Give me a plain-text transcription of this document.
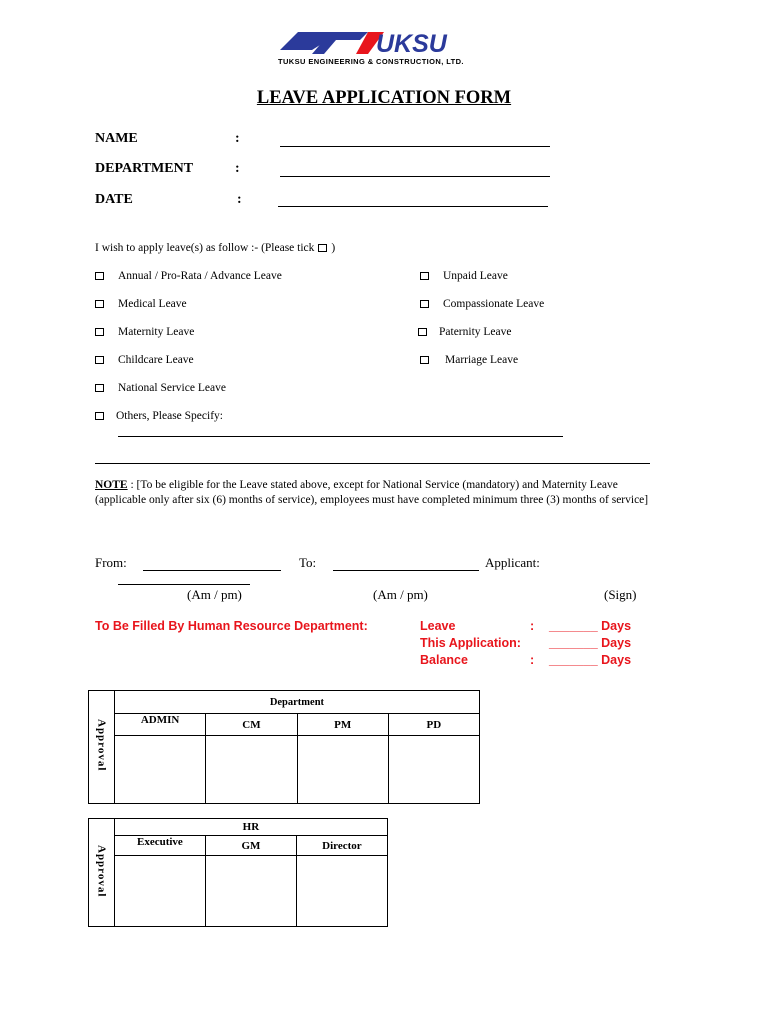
UKSU
TUKSU ENGINEERING & CONSTRUCTION, LTD.
LEAVE APPLICATION FORM
NAME	:
DEPARTMENT	:
DATE	:
I wish to apply leave(s) as follow :- (Please tick )
Annual / Pro-Rata / Advance Leave
Medical Leave
Maternity Leave
Childcare Leave
National Service Leave
Others, Please Specify:
Unpaid Leave
Compassionate Leave
Paternity Leave
Marriage Leave
NOTE : [To be eligible for the Leave stated above, except for National Service (mandatory) and Maternity Leave (applicable only after six (6) months of service), employees must have completed minimum three (3) months of service]
From:	To:	Applicant:
(Am / pm)	(Am / pm)	(Sign)
To Be Filled By Human Resource Department:	Leave	: _______ Days
This Application: _______ Days
Balance	: _______ Days
Approval	Department			
	ADMIN	CM	PM	PD

Approval	HR		
	Executive	GM	Director
